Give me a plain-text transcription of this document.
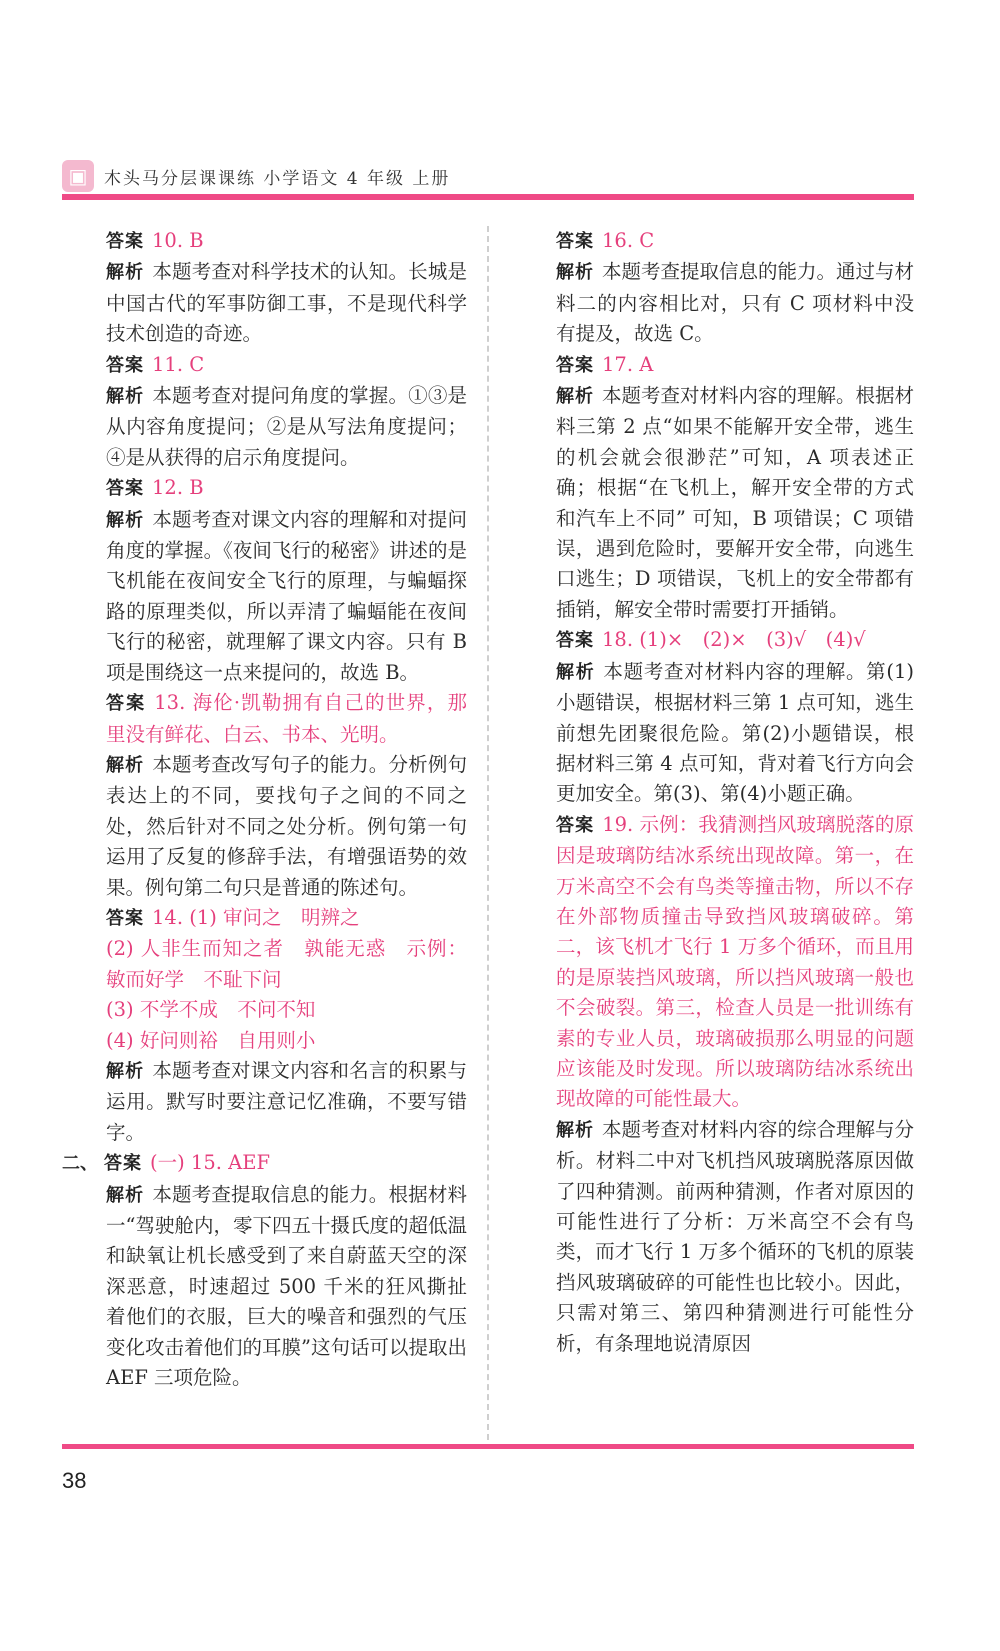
▣ 木头马分层课课练 小学语文 4 年级 上册

答案 10. B

解析 本题考查对科学技术的认知。长城是中国古代的军事防御工事，不是现代科学技术创造的奇迹。

答案 11. C

解析 本题考查对提问角度的掌握。①③是从内容角度提问；②是从写法角度提问；④是从获得的启示角度提问。

答案 12. B

解析 本题考查对课文内容的理解和对提问角度的掌握。《夜间飞行的秘密》讲述的是飞机能在夜间安全飞行的原理，与蝙蝠探路的原理类似，所以弄清了蝙蝠能在夜间飞行的秘密，就理解了课文内容。只有 B 项是围绕这一点来提问的，故选 B。

答案 13. 海伦·凯勒拥有自己的世界，那里没有鲜花、白云、书本、光明。

解析 本题考查改写句子的能力。分析例句表达上的不同，要找句子之间的不同之处，然后针对不同之处分析。例句第一句运用了反复的修辞手法，有增强语势的效果。例句第二句只是普通的陈述句。

答案 14. (1) 审问之　明辨之

(2) 人非生而知之者　孰能无惑　示例：敏而好学　不耻下问

(3) 不学不成　不问不知

(4) 好问则裕　自用则小

解析 本题考查对课文内容和名言的积累与运用。默写时要注意记忆准确，不要写错字。

二、 答案 (一) 15. AEF

解析 本题考查提取信息的能力。根据材料一“驾驶舱内，零下四五十摄氏度的超低温和缺氧让机长感受到了来自蔚蓝天空的深深恶意，时速超过 500 千米的狂风撕扯着他们的衣服，巨大的噪音和强烈的气压变化攻击着他们的耳膜”这句话可以提取出 AEF 三项危险。

答案 16. C

解析 本题考查提取信息的能力。通过与材料二的内容相比对，只有 C 项材料中没有提及，故选 C。

答案 17. A

解析 本题考查对材料内容的理解。根据材料三第 2 点“如果不能解开安全带，逃生的机会就会很渺茫”可知，A 项表述正确；根据“在飞机上，解开安全带的方式和汽车上不同” 可知，B 项错误；C 项错误，遇到危险时，要解开安全带，向逃生口逃生；D 项错误，飞机上的安全带都有插销，解安全带时需要打开插销。

答案 18. (1)×　(2)×　(3)√　(4)√

解析 本题考查对材料内容的理解。第(1)小题错误，根据材料三第 1 点可知，逃生前想先团聚很危险。第(2)小题错误，根据材料三第 4 点可知，背对着飞行方向会更加安全。第(3)、第(4)小题正确。

答案 19. 示例：我猜测挡风玻璃脱落的原因是玻璃防结冰系统出现故障。第一，在万米高空不会有鸟类等撞击物，所以不存在外部物质撞击导致挡风玻璃破碎。第二，该飞机才飞行 1 万多个循环，而且用的是原装挡风玻璃，所以挡风玻璃一般也不会破裂。第三，检查人员是一批训练有素的专业人员，玻璃破损那么明显的问题应该能及时发现。所以玻璃防结冰系统出现故障的可能性最大。

解析 本题考查对材料内容的综合理解与分析。材料二中对飞机挡风玻璃脱落原因做了四种猜测。前两种猜测，作者对原因的可能性进行了分析：万米高空不会有鸟类，而才飞行 1 万多个循环的飞机的原装挡风玻璃破碎的可能性也比较小。因此，只需对第三、第四种猜测进行可能性分析，有条理地说清原因

38
